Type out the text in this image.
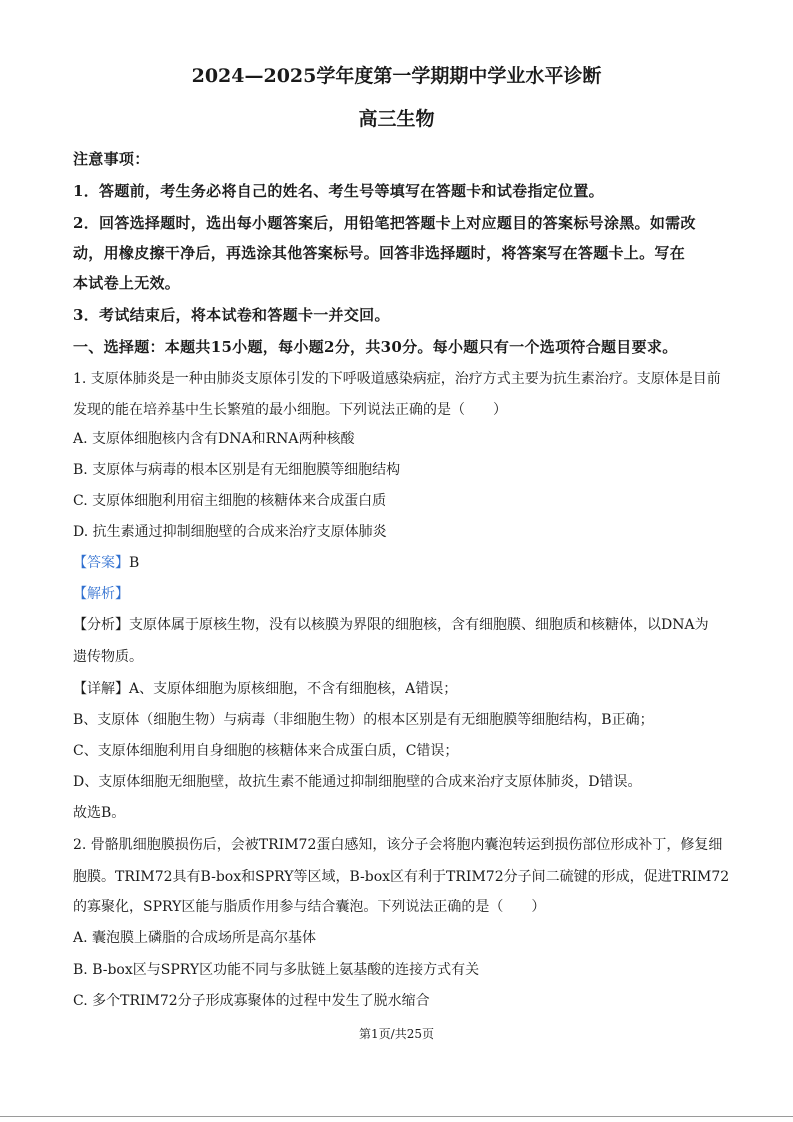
2024—2025学年度第一学期期中学业水平诊断
高三生物
注意事项：
1．答题前，考生务必将自己的姓名、考生号等填写在答题卡和试卷指定位置。
2．回答选择题时，选出每小题答案后，用铅笔把答题卡上对应题目的答案标号涂黑。如需改
动，用橡皮擦干净后，再选涂其他答案标号。回答非选择题时，将答案写在答题卡上。写在
本试卷上无效。
3．考试结束后，将本试卷和答题卡一并交回。
一、选择题：本题共15小题，每小题2分，共30分。每小题只有一个选项符合题目要求。
1. 支原体肺炎是一种由肺炎支原体引发的下呼吸道感染病症，治疗方式主要为抗生素治疗。支原体是目前
发现的能在培养基中生长繁殖的最小细胞。下列说法正确的是（　　）
A. 支原体细胞核内含有DNA和RNA两种核酸
B. 支原体与病毒的根本区别是有无细胞膜等细胞结构
C. 支原体细胞利用宿主细胞的核糖体来合成蛋白质
D. 抗生素通过抑制细胞壁的合成来治疗支原体肺炎
【答案】B
【解析】
【分析】支原体属于原核生物，没有以核膜为界限的细胞核，含有细胞膜、细胞质和核糖体，以DNA为
遗传物质。
【详解】A、支原体细胞为原核细胞，不含有细胞核，A错误；
B、支原体（细胞生物）与病毒（非细胞生物）的根本区别是有无细胞膜等细胞结构，B正确；
C、支原体细胞利用自身细胞的核糖体来合成蛋白质，C错误；
D、支原体细胞无细胞壁，故抗生素不能通过抑制细胞壁的合成来治疗支原体肺炎，D错误。
故选B。
2. 骨骼肌细胞膜损伤后，会被TRIM72蛋白感知，该分子会将胞内囊泡转运到损伤部位形成补丁，修复细
胞膜。TRIM72具有B-box和SPRY等区域，B-box区有利于TRIM72分子间二硫键的形成，促进TRIM72
的寡聚化，SPRY区能与脂质作用参与结合囊泡。下列说法正确的是（　　）
A. 囊泡膜上磷脂的合成场所是高尔基体
B. B-box区与SPRY区功能不同与多肽链上氨基酸的连接方式有关
C. 多个TRIM72分子形成寡聚体的过程中发生了脱水缩合
第1页/共25页
